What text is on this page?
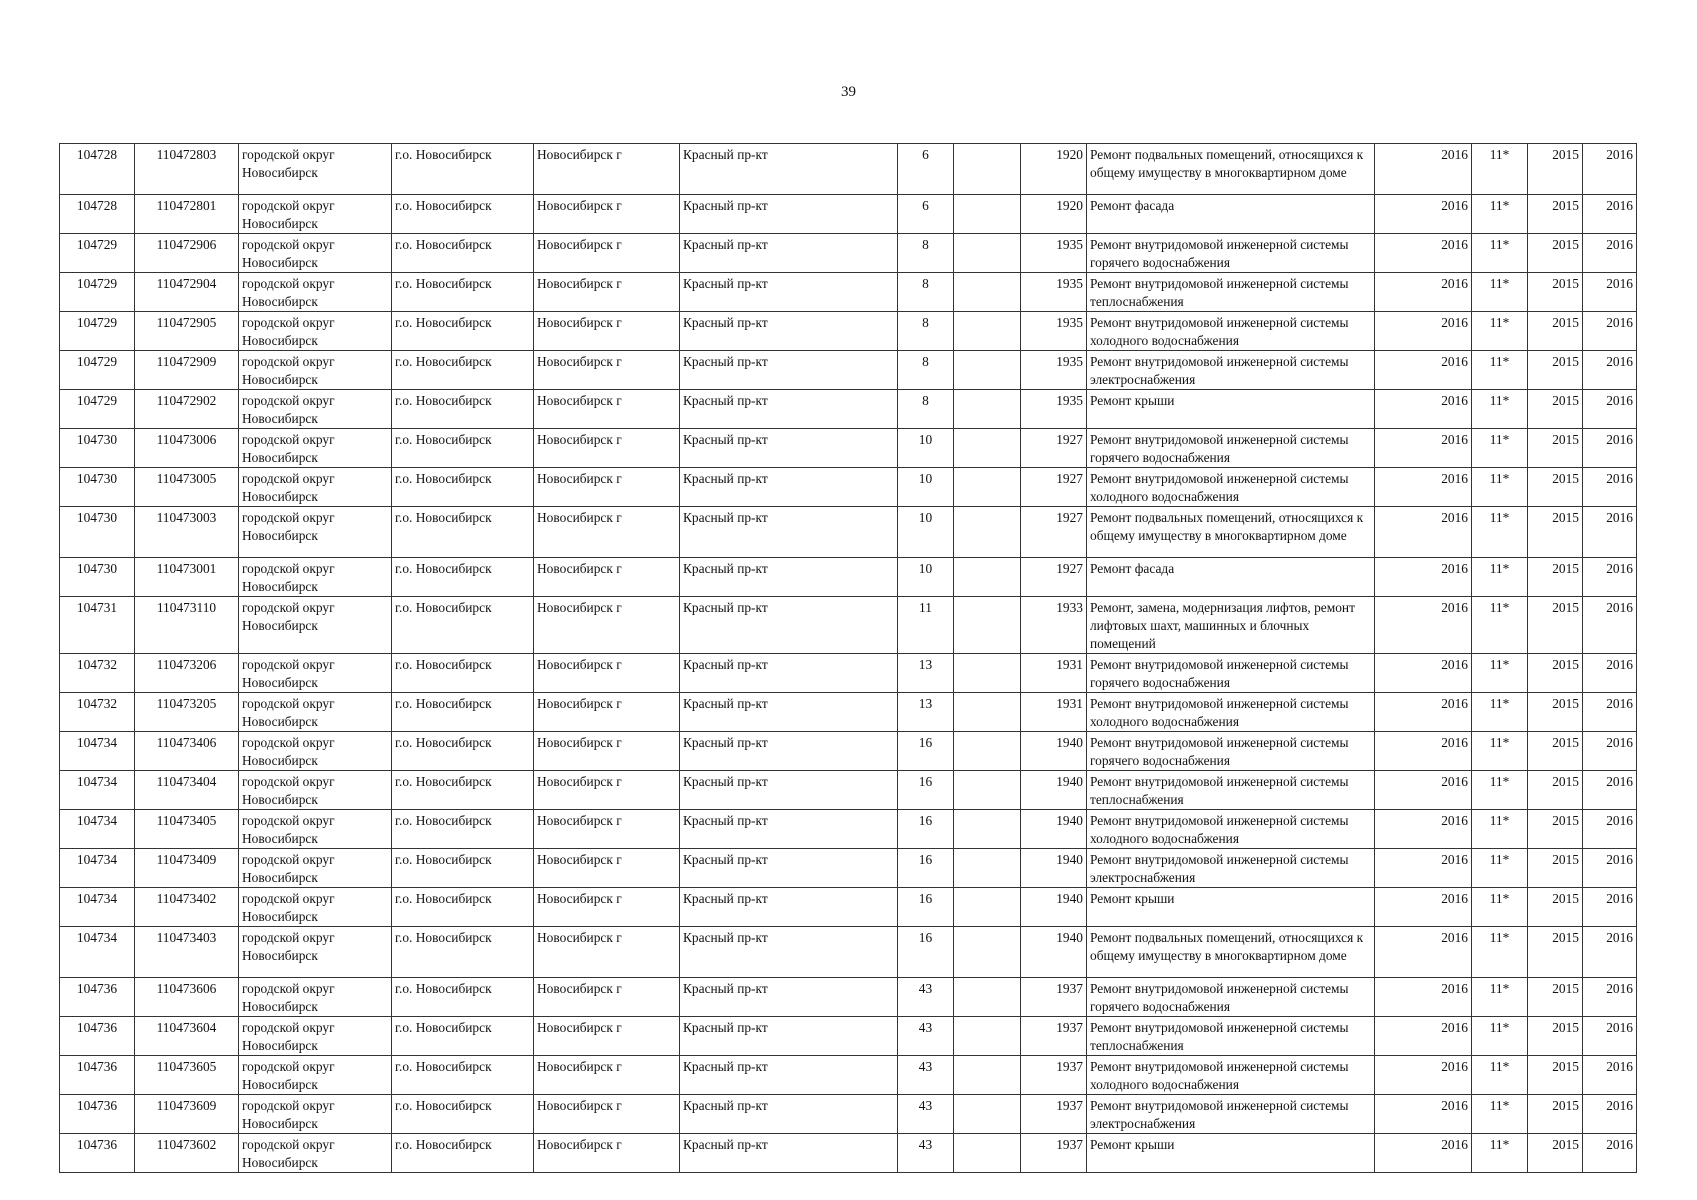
39
104728	110472803	городской округ Новосибирск	г.о. Новосибирск	Новосибирск г	Красный пр-кт	6		1920	Ремонт подвальных помещений, относящихся к общему имуществу в многоквартирном доме	2016	11*	2015	2016
104728	110472801	городской округ Новосибирск	г.о. Новосибирск	Новосибирск г	Красный пр-кт	6		1920	Ремонт фасада	2016	11*	2015	2016
104729	110472906	городской округ Новосибирск	г.о. Новосибирск	Новосибирск г	Красный пр-кт	8		1935	Ремонт внутридомовой инженерной системы горячего водоснабжения	2016	11*	2015	2016
104729	110472904	городской округ Новосибирск	г.о. Новосибирск	Новосибирск г	Красный пр-кт	8		1935	Ремонт внутридомовой инженерной системы теплоснабжения	2016	11*	2015	2016
104729	110472905	городской округ Новосибирск	г.о. Новосибирск	Новосибирск г	Красный пр-кт	8		1935	Ремонт внутридомовой инженерной системы холодного водоснабжения	2016	11*	2015	2016
104729	110472909	городской округ Новосибирск	г.о. Новосибирск	Новосибирск г	Красный пр-кт	8		1935	Ремонт внутридомовой инженерной системы электроснабжения	2016	11*	2015	2016
104729	110472902	городской округ Новосибирск	г.о. Новосибирск	Новосибирск г	Красный пр-кт	8		1935	Ремонт крыши	2016	11*	2015	2016
104730	110473006	городской округ Новосибирск	г.о. Новосибирск	Новосибирск г	Красный пр-кт	10		1927	Ремонт внутридомовой инженерной системы горячего водоснабжения	2016	11*	2015	2016
104730	110473005	городской округ Новосибирск	г.о. Новосибирск	Новосибирск г	Красный пр-кт	10		1927	Ремонт внутридомовой инженерной системы холодного водоснабжения	2016	11*	2015	2016
104730	110473003	городской округ Новосибирск	г.о. Новосибирск	Новосибирск г	Красный пр-кт	10		1927	Ремонт подвальных помещений, относящихся к общему имуществу в многоквартирном доме	2016	11*	2015	2016
104730	110473001	городской округ Новосибирск	г.о. Новосибирск	Новосибирск г	Красный пр-кт	10		1927	Ремонт фасада	2016	11*	2015	2016
104731	110473110	городской округ Новосибирск	г.о. Новосибирск	Новосибирск г	Красный пр-кт	11		1933	Ремонт, замена, модернизация лифтов, ремонт лифтовых шахт, машинных и блочных помещений	2016	11*	2015	2016
104732	110473206	городской округ Новосибирск	г.о. Новосибирск	Новосибирск г	Красный пр-кт	13		1931	Ремонт внутридомовой инженерной системы горячего водоснабжения	2016	11*	2015	2016
104732	110473205	городской округ Новосибирск	г.о. Новосибирск	Новосибирск г	Красный пр-кт	13		1931	Ремонт внутридомовой инженерной системы холодного водоснабжения	2016	11*	2015	2016
104734	110473406	городской округ Новосибирск	г.о. Новосибирск	Новосибирск г	Красный пр-кт	16		1940	Ремонт внутридомовой инженерной системы горячего водоснабжения	2016	11*	2015	2016
104734	110473404	городской округ Новосибирск	г.о. Новосибирск	Новосибирск г	Красный пр-кт	16		1940	Ремонт внутридомовой инженерной системы теплоснабжения	2016	11*	2015	2016
104734	110473405	городской округ Новосибирск	г.о. Новосибирск	Новосибирск г	Красный пр-кт	16		1940	Ремонт внутридомовой инженерной системы холодного водоснабжения	2016	11*	2015	2016
104734	110473409	городской округ Новосибирск	г.о. Новосибирск	Новосибирск г	Красный пр-кт	16		1940	Ремонт внутридомовой инженерной системы электроснабжения	2016	11*	2015	2016
104734	110473402	городской округ Новосибирск	г.о. Новосибирск	Новосибирск г	Красный пр-кт	16		1940	Ремонт крыши	2016	11*	2015	2016
104734	110473403	городской округ Новосибирск	г.о. Новосибирск	Новосибирск г	Красный пр-кт	16		1940	Ремонт подвальных помещений, относящихся к общему имуществу в многоквартирном доме	2016	11*	2015	2016
104736	110473606	городской округ Новосибирск	г.о. Новосибирск	Новосибирск г	Красный пр-кт	43		1937	Ремонт внутридомовой инженерной системы горячего водоснабжения	2016	11*	2015	2016
104736	110473604	городской округ Новосибирск	г.о. Новосибирск	Новосибирск г	Красный пр-кт	43		1937	Ремонт внутридомовой инженерной системы теплоснабжения	2016	11*	2015	2016
104736	110473605	городской округ Новосибирск	г.о. Новосибирск	Новосибирск г	Красный пр-кт	43		1937	Ремонт внутридомовой инженерной системы холодного водоснабжения	2016	11*	2015	2016
104736	110473609	городской округ Новосибирск	г.о. Новосибирск	Новосибирск г	Красный пр-кт	43		1937	Ремонт внутридомовой инженерной системы электроснабжения	2016	11*	2015	2016
104736	110473602	городской округ Новосибирск	г.о. Новосибирск	Новосибирск г	Красный пр-кт	43		1937	Ремонт крыши	2016	11*	2015	2016
